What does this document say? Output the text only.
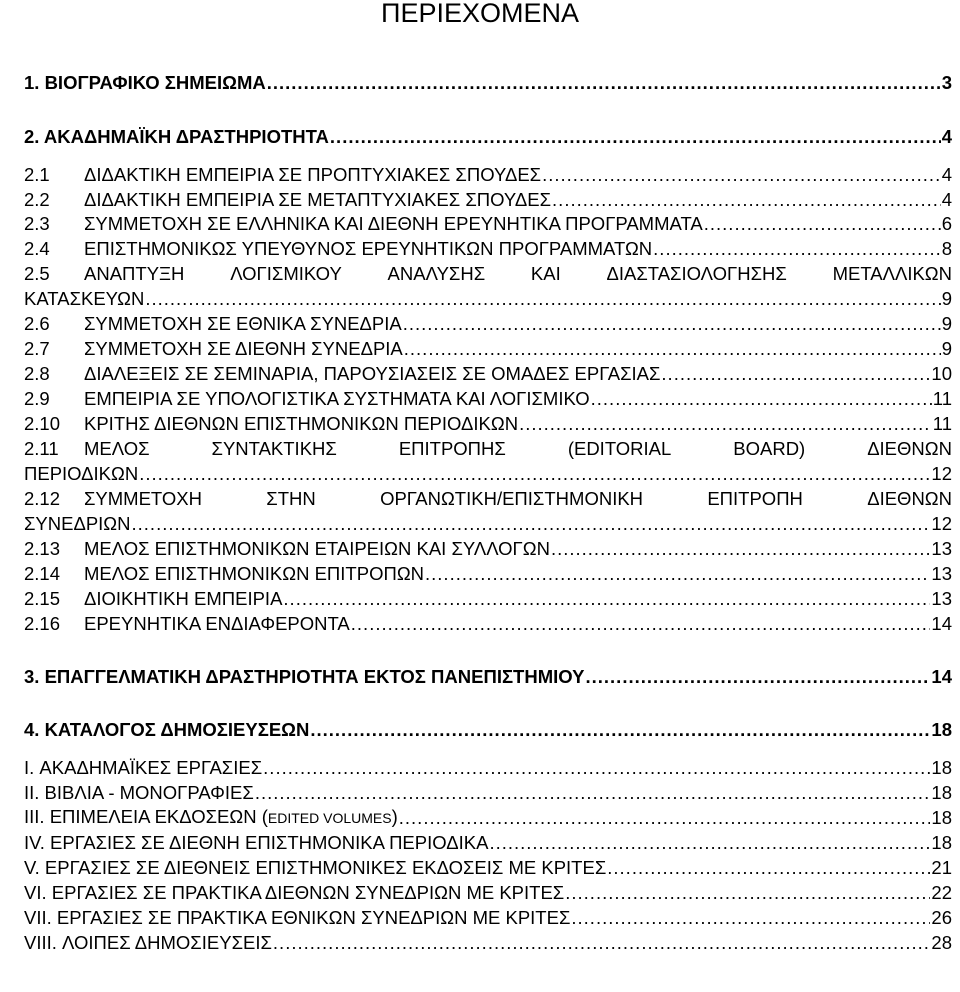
ΠΕΡΙΕΧΟΜΕΝΑ
1. ΒΙΟΓΡΑΦΙΚΟ ΣΗΜΕΙΩΜΑ .....	3
2. ΑΚΑΔΗΜΑΪΚΗ ΔΡΑΣΤΗΡΙΟΤΗΤΑ .....	4
2.1 ΔΙΔΑΚΤΙΚΗ ΕΜΠΕΙΡΙΑ ΣΕ ΠΡΟΠΤΥΧΙΑΚΕΣ ΣΠΟΥΔΕΣ .....	4
2.2 ΔΙΔΑΚΤΙΚΗ ΕΜΠΕΙΡΙΑ ΣΕ ΜΕΤΑΠΤΥΧΙΑΚΕΣ ΣΠΟΥΔΕΣ .....	4
2.3 ΣΥΜΜΕΤΟΧΗ ΣΕ ΕΛΛΗΝΙΚΑ ΚΑΙ ΔΙΕΘΝΗ ΕΡΕΥΝΗΤΙΚΑ ΠΡΟΓΡΑΜΜΑΤΑ .....	6
2.4 ΕΠΙΣΤΗΜΟΝΙΚΩΣ ΥΠΕΥΘΥΝΟΣ ΕΡΕΥΝΗΤΙΚΩΝ ΠΡΟΓΡΑΜΜΑΤΩΝ .....	8
2.5 ΑΝΑΠΤΥΞΗ ΛΟΓΙΣΜΙΚΟΥ ΑΝΑΛΥΣΗΣ ΚΑΙ ΔΙΑΣΤΑΣΙΟΛΟΓΗΣΗΣ ΜΕΤΑΛΛΙΚΩΝ
ΚΑΤΑΣΚΕΥΩΝ .....	9
2.6 ΣΥΜΜΕΤΟΧΗ ΣΕ ΕΘΝΙΚΑ ΣΥΝΕΔΡΙΑ .....	9
2.7 ΣΥΜΜΕΤΟΧΗ ΣΕ ΔΙΕΘΝΗ ΣΥΝΕΔΡΙΑ .....	9
2.8 ΔΙΑΛΕΞΕΙΣ ΣΕ ΣΕΜΙΝΑΡΙΑ, ΠΑΡΟΥΣΙΑΣΕΙΣ ΣΕ ΟΜΑΔΕΣ ΕΡΓΑΣΙΑΣ .....	10
2.9 ΕΜΠΕΙΡΙΑ ΣΕ ΥΠΟΛΟΓΙΣΤΙΚΑ ΣΥΣΤΗΜΑΤΑ ΚΑΙ ΛΟΓΙΣΜΙΚΟ .....	11
2.10 ΚΡΙΤΗΣ ΔΙΕΘΝΩΝ ΕΠΙΣΤΗΜΟΝΙΚΩΝ ΠΕΡΙΟΔΙΚΩΝ .....	11
2.11 ΜΕΛΟΣ	ΣΥΝΤΑΚΤΙΚΗΣ	ΕΠΙΤΡΟΠΗΣ	(EDITORIAL	BOARD)	ΔΙΕΘΝΩΝ
ΠΕΡΙΟΔΙΚΩΝ .....	12
2.12 ΣΥΜΜΕΤΟΧΗ	ΣΤΗΝ	ΟΡΓΑΝΩΤΙΚΗ/ΕΠΙΣΤΗΜΟΝΙΚΗ	ΕΠΙΤΡΟΠΗ	ΔΙΕΘΝΩΝ
ΣΥΝΕΔΡΙΩΝ .....	12
2.13 ΜΕΛΟΣ ΕΠΙΣΤΗΜΟΝΙΚΩΝ ΕΤΑΙΡΕΙΩΝ ΚΑΙ ΣΥΛΛΟΓΩΝ .....	13
2.14 ΜΕΛΟΣ ΕΠΙΣΤΗΜΟΝΙΚΩΝ ΕΠΙΤΡΟΠΩΝ .....	13
2.15 ΔΙΟΙΚΗΤΙΚΗ ΕΜΠΕΙΡΙΑ .....	13
2.16 ΕΡΕΥΝΗΤΙΚΑ ΕΝΔΙΑΦΕΡΟΝΤΑ .....	14
3. ΕΠΑΓΓΕΛΜΑΤΙΚΗ ΔΡΑΣΤΗΡΙΟΤΗΤΑ ΕΚΤΟΣ ΠΑΝΕΠΙΣΤΗΜΙΟΥ .....	14
4. ΚΑΤΑΛΟΓΟΣ ΔΗΜΟΣΙΕΥΣΕΩΝ .....	18
I. ΑΚΑΔΗΜΑΪΚΕΣ ΕΡΓΑΣΙΕΣ .....	18
II. ΒΙΒΛΙΑ - ΜΟΝΟΓΡΑΦΙΕΣ .....	18
III. ΕΠΙΜΕΛΕΙΑ ΕΚΔΟΣΕΩΝ (EDITED VOLUMES) .....	18
IV. ΕΡΓΑΣΙΕΣ ΣΕ ΔΙΕΘΝΗ ΕΠΙΣΤΗΜΟΝΙΚΑ ΠΕΡΙΟΔΙΚΑ .....	18
V. ΕΡΓΑΣΙΕΣ ΣΕ ΔΙΕΘΝΕΙΣ ΕΠΙΣΤΗΜΟΝΙΚΕΣ ΕΚΔΟΣΕΙΣ ΜΕ ΚΡΙΤΕΣ .....	21
VI. ΕΡΓΑΣΙΕΣ ΣΕ ΠΡΑΚΤΙΚΑ ΔΙΕΘΝΩΝ ΣΥΝΕΔΡΙΩΝ ΜΕ ΚΡΙΤΕΣ .....	22
VII. ΕΡΓΑΣΙΕΣ ΣΕ ΠΡΑΚΤΙΚΑ ΕΘΝΙΚΩΝ ΣΥΝΕΔΡΙΩΝ ΜΕ ΚΡΙΤΕΣ .....	26
VIII. ΛΟΙΠΕΣ ΔΗΜΟΣΙΕΥΣΕΙΣ .....	28
